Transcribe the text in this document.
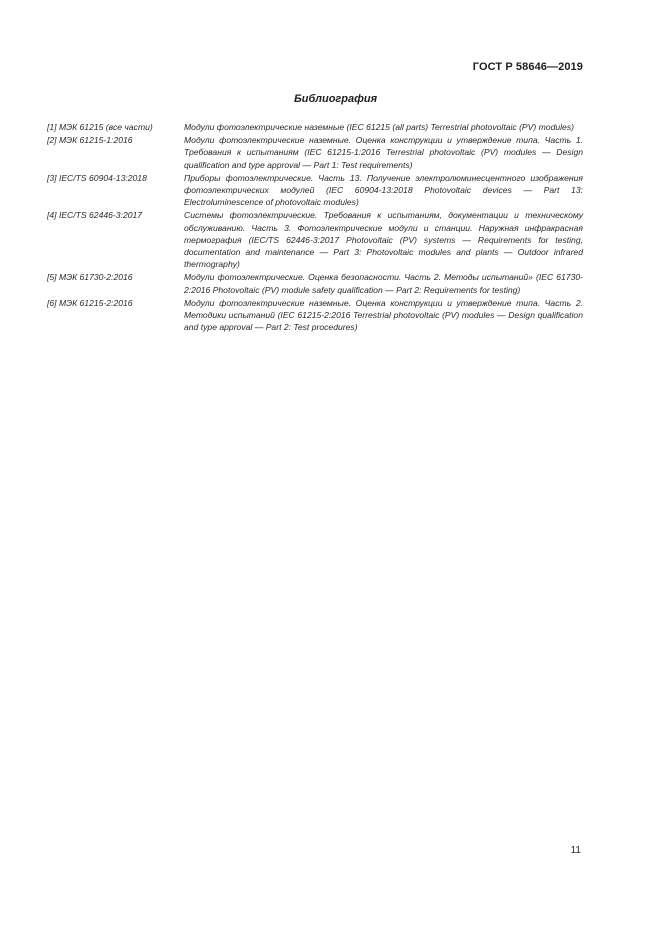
ГОСТ Р 58646—2019
Библиография
[1] МЭК 61215 (все части)	Модули фотоэлектрические наземные (IEC 61215 (all parts) Terrestrial photovoltaic (PV) modules)
[2] МЭК 61215-1:2016	Модули фотоэлектрические наземные. Оценка конструкции и утверждение типа. Часть 1. Требования к испытаниям (IEC 61215-1:2016 Terrestrial photovoltaic (PV) modules — Design qualification and type approval — Part 1: Test requirements)
[3] IEC/TS 60904-13:2018	Приборы фотоэлектрические. Часть 13. Получение электролюминесцентного изображения фотоэлектрических модулей (IEC 60904-13:2018 Photovoltaic devices — Part 13: Electroluminescence of photovoltaic modules)
[4] IEC/TS 62446-3:2017	Системы фотоэлектрические. Требования к испытаниям, документации и техническому обслуживанию. Часть 3. Фотоэлектрические модули и станции. Наружная инфракрасная термография (IEC/TS 62446-3:2017 Photovoltaic (PV) systems — Requirements for testing, documentation and maintenance — Part 3: Photovoltaic modules and plants — Outdoor infrared thermography)
[5] МЭК 61730-2:2016	Модули фотоэлектрические. Оценка безопасности. Часть 2. Методы испытаний» (IEC 61730-2:2016 Photovoltaic (PV) module safety qualification — Part 2: Requirements for testing)
[6] МЭК 61215-2:2016	Модули фотоэлектрические наземные. Оценка конструкции и утверждение типа. Часть 2. Методики испытаний (IEC 61215-2:2016 Terrestrial photovoltaic (PV) modules — Design qualification and type approval — Part 2: Test procedures)
11
